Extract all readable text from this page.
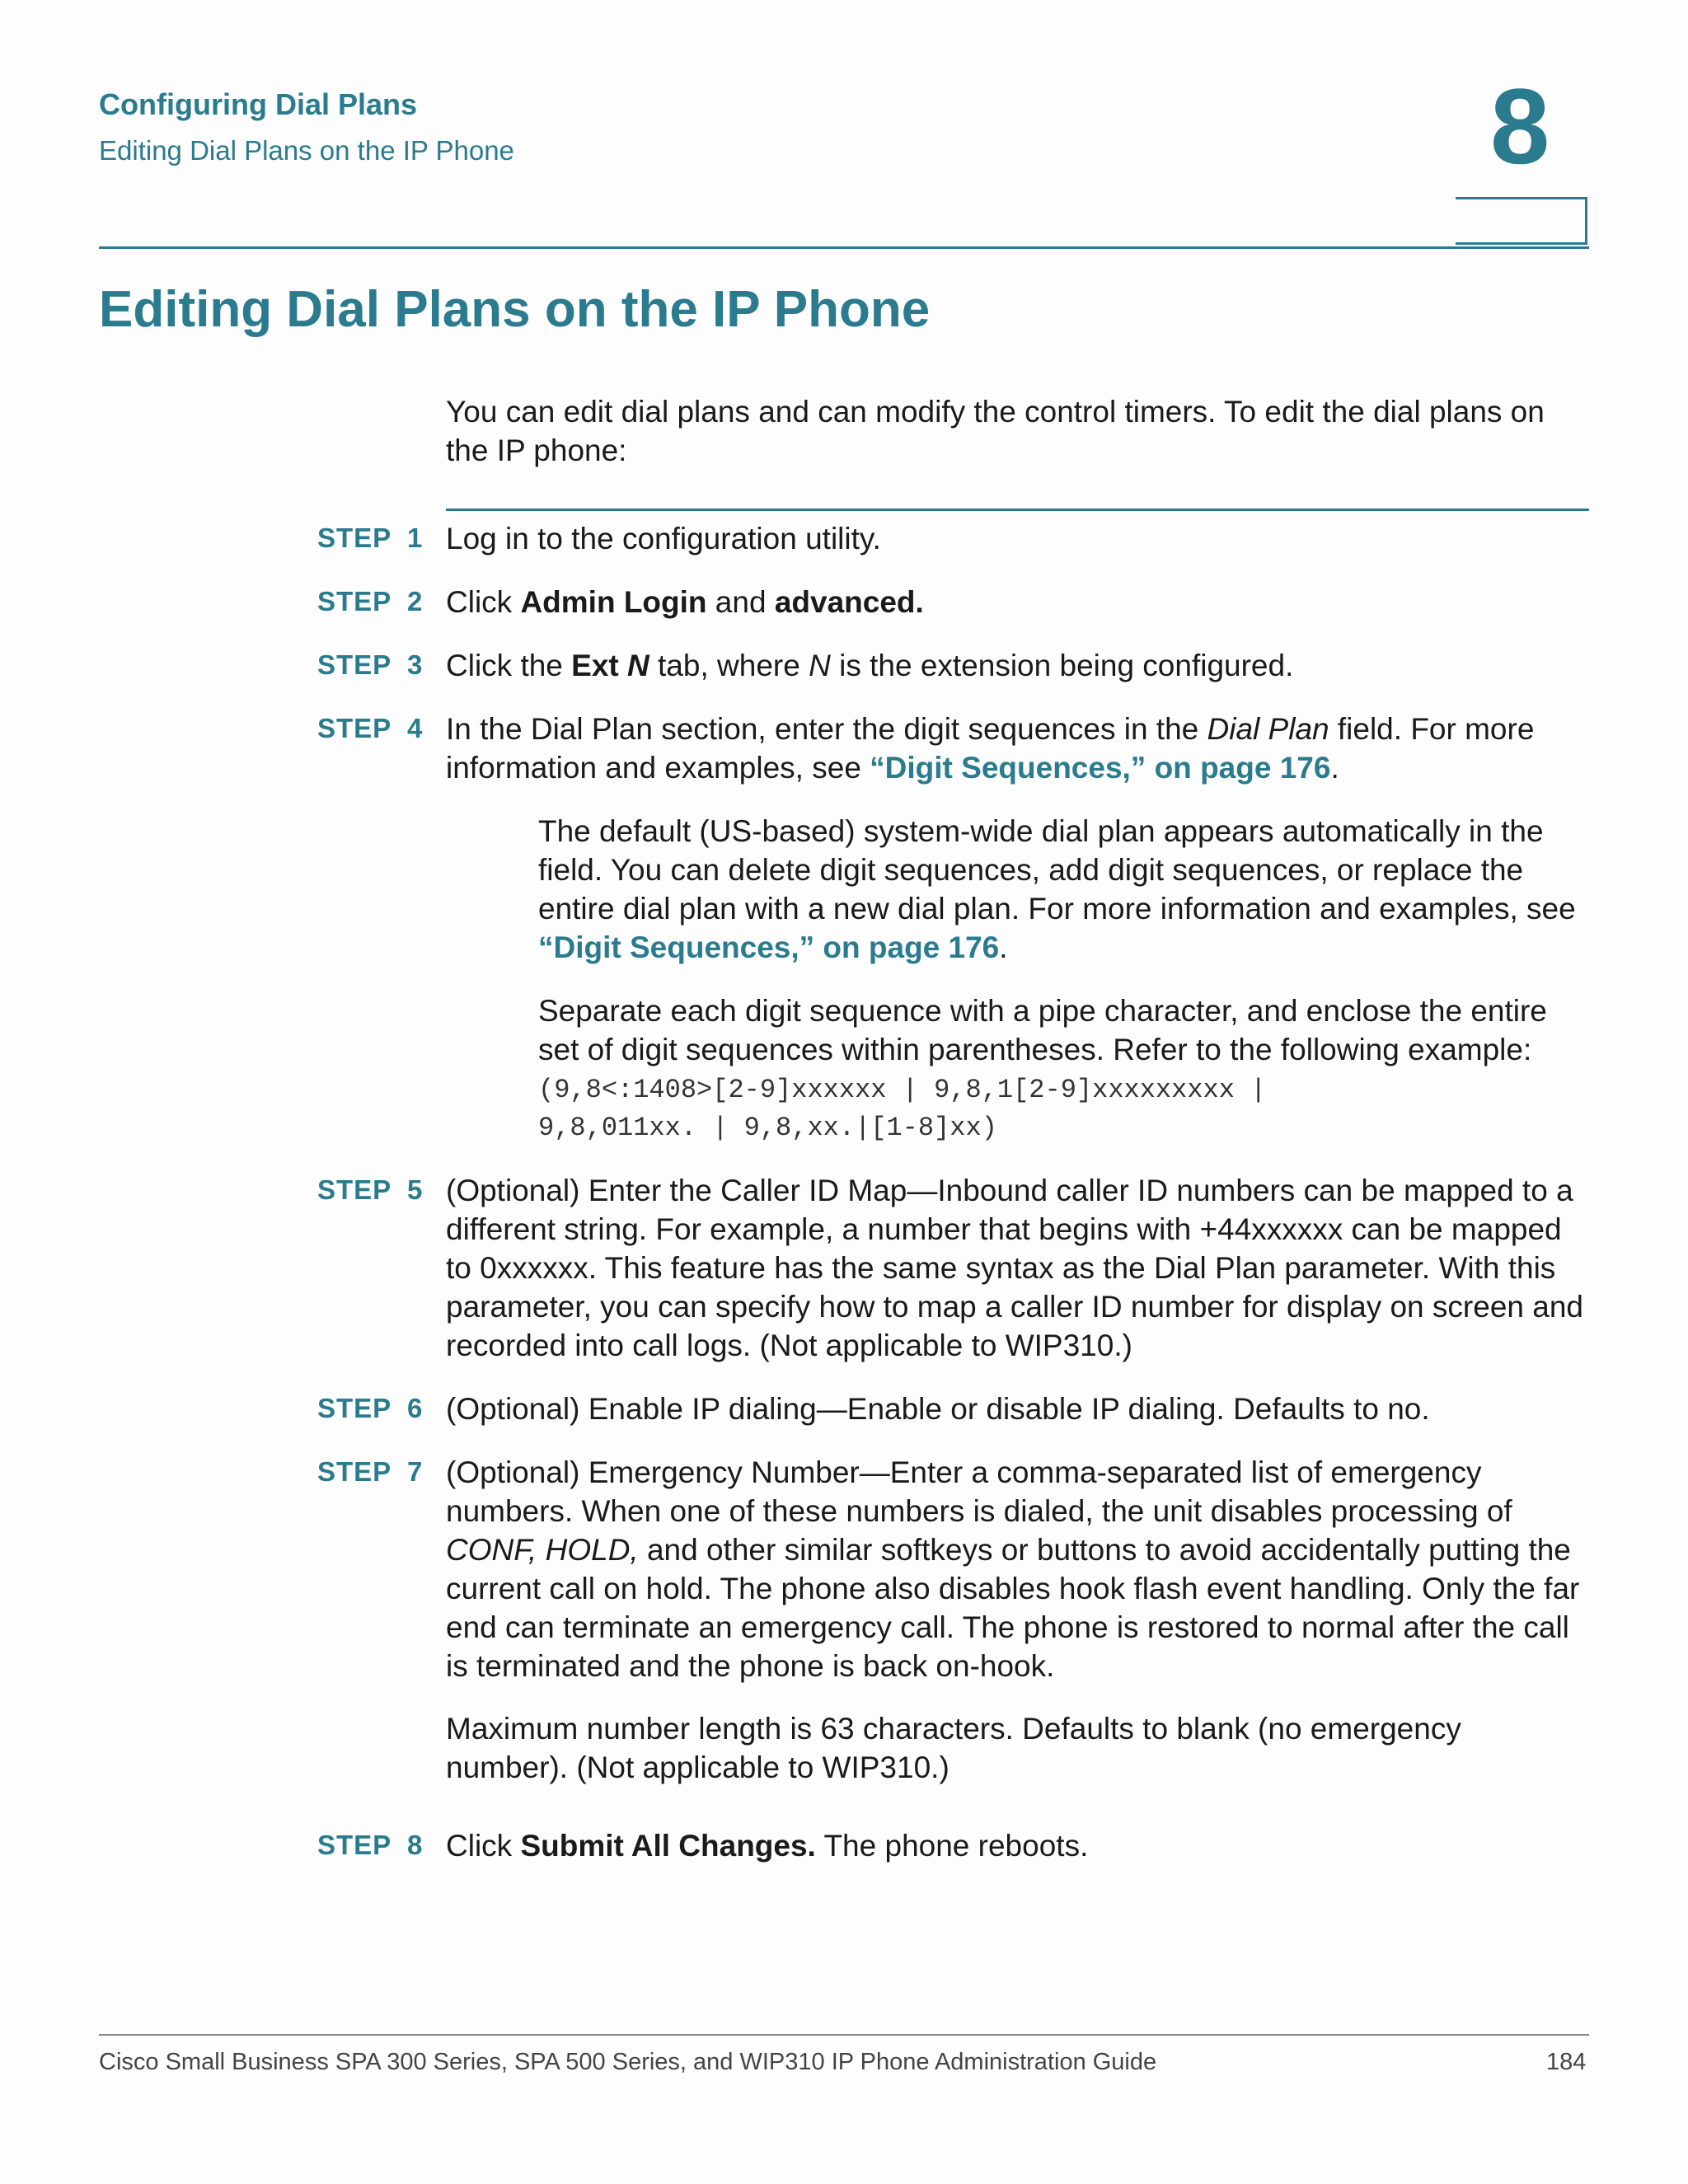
Configuring Dial Plans
Editing Dial Plans on the IP Phone	8
Editing Dial Plans on the IP Phone
You can edit dial plans and can modify the control timers. To edit the dial plans on the IP phone:
STEP 1 Log in to the configuration utility.
STEP 2 Click Admin Login and advanced.
STEP 3 Click the Ext N tab, where N is the extension being configured.
STEP 4 In the Dial Plan section, enter the digit sequences in the Dial Plan field. For more information and examples, see “Digit Sequences,” on page 176.
The default (US-based) system-wide dial plan appears automatically in the field. You can delete digit sequences, add digit sequences, or replace the entire dial plan with a new dial plan. For more information and examples, see “Digit Sequences,” on page 176.
Separate each digit sequence with a pipe character, and enclose the entire set of digit sequences within parentheses. Refer to the following example:
(9,8<:1408>[2-9]xxxxxx | 9,8,1[2-9]xxxxxxxxx |
9,8,011xx. | 9,8,xx.|[1-8]xx)
STEP 5 (Optional) Enter the Caller ID Map—Inbound caller ID numbers can be mapped to a different string. For example, a number that begins with +44xxxxxx can be mapped to 0xxxxxx. This feature has the same syntax as the Dial Plan parameter. With this parameter, you can specify how to map a caller ID number for display on screen and recorded into call logs. (Not applicable to WIP310.)
STEP 6 (Optional) Enable IP dialing—Enable or disable IP dialing. Defaults to no.
STEP 7 (Optional) Emergency Number—Enter a comma-separated list of emergency numbers. When one of these numbers is dialed, the unit disables processing of CONF, HOLD, and other similar softkeys or buttons to avoid accidentally putting the current call on hold. The phone also disables hook flash event handling. Only the far end can terminate an emergency call. The phone is restored to normal after the call is terminated and the phone is back on-hook.
Maximum number length is 63 characters. Defaults to blank (no emergency number). (Not applicable to WIP310.)
STEP 8 Click Submit All Changes. The phone reboots.
Cisco Small Business SPA 300 Series, SPA 500 Series, and WIP310 IP Phone Administration Guide	184
